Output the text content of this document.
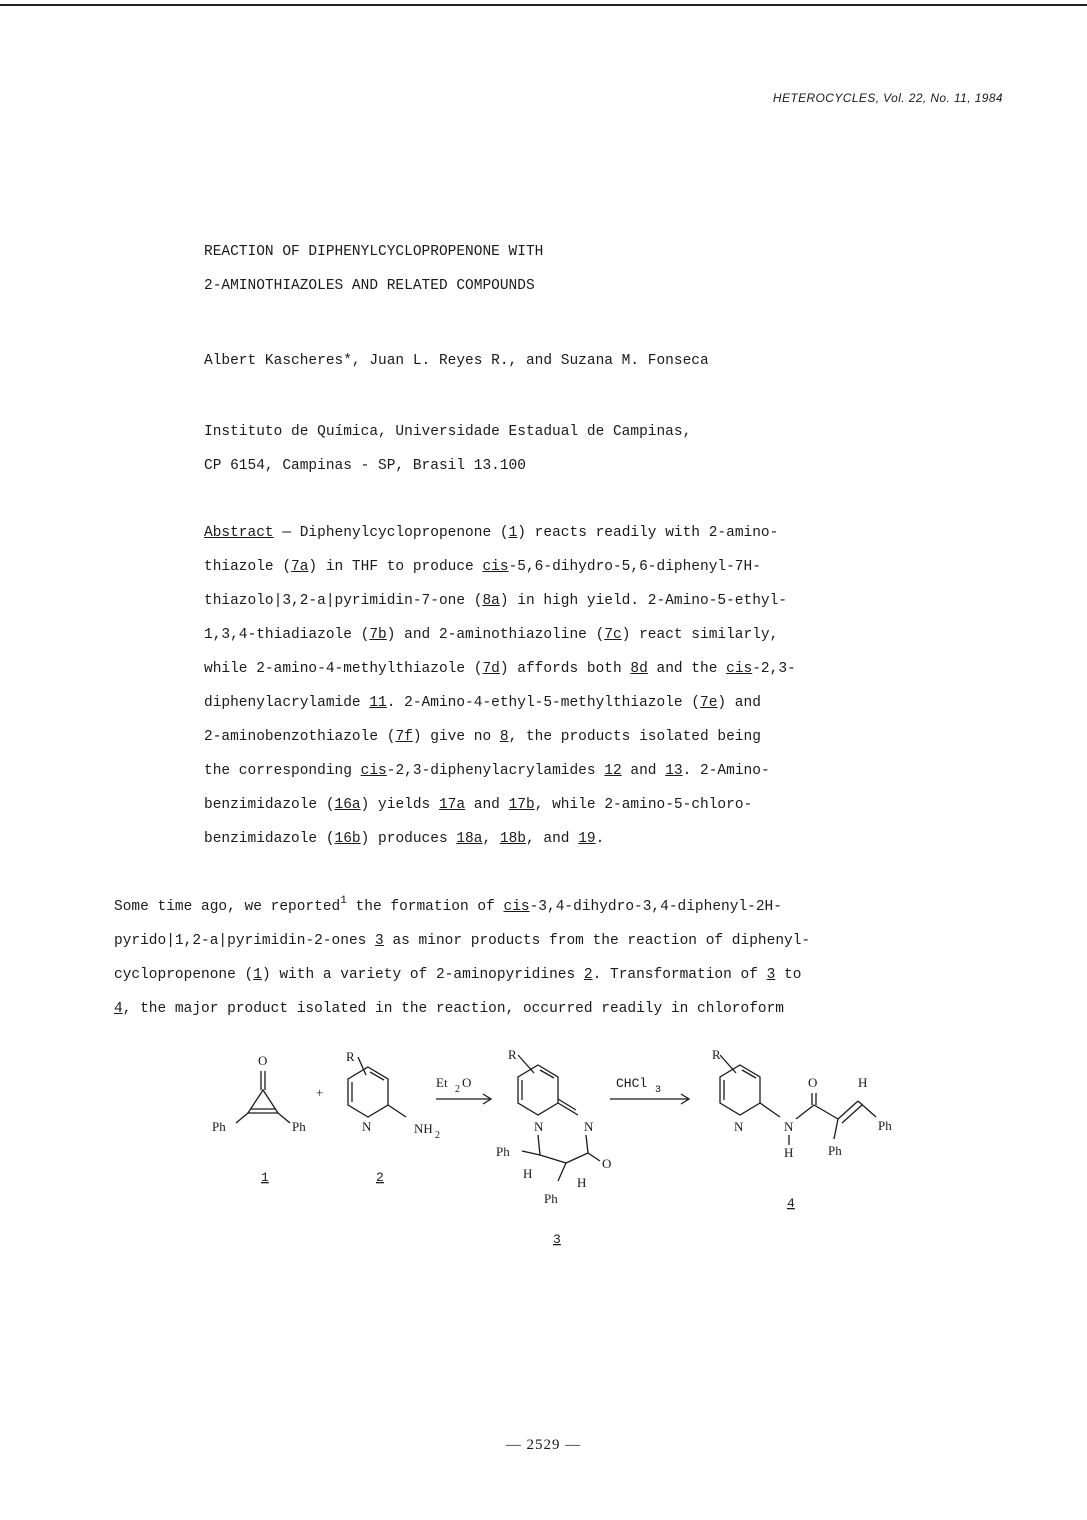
HETEROCYCLES, Vol. 22, No. 11, 1984
REACTION OF DIPHENYLCYCLOPROPENONE WITH
2-AMINOTHIAZOLES AND RELATED COMPOUNDS
Albert Kascheres*, Juan L. Reyes R., and Suzana M. Fonseca
Instituto de Química, Universidade Estadual de Campinas,
CP 6154, Campinas - SP, Brasil 13.100
Abstract — Diphenylcyclopropenone (1) reacts readily with 2-amino-
thiazole (7a) in THF to produce cis-5,6-dihydro-5,6-diphenyl-7H-
thiazolo|3,2-a|pyrimidin-7-one (8a) in high yield. 2-Amino-5-ethyl-
1,3,4-thiadiazole (7b) and 2-aminothiazoline (7c) react similarly,
while 2-amino-4-methylthiazole (7d) affords both 8d and the cis-2,3-
diphenylacrylamide 11. 2-Amino-4-ethyl-5-methylthiazole (7e) and
2-aminobenzothiazole (7f) give no 8, the products isolated being
the corresponding cis-2,3-diphenylacrylamides 12 and 13. 2-Amino-
benzimidazole (16a) yields 17a and 17b, while 2-amino-5-chloro-
benzimidazole (16b) produces 18a, 18b, and 19.
Some time ago, we reported$^1$ the formation of cis-3,4-dihydro-3,4-diphenyl-2H-
pyrido|1,2-a|pyrimidin-2-ones 3 as minor products from the reaction of diphenyl-
cyclopropenone (1) with a variety of 2-aminopyridines 2. Transformation of 3 to
4, the major product isolated in the reaction, occurred readily in chloroform
O
Ph	Ph
1
+
R
N	NH 2
2
Et 2 O
R
N	N
O
Ph
H
H
Ph
3
CHCl 3
R
N	N
H
O
Ph
H
Ph
4
— 2529 —
